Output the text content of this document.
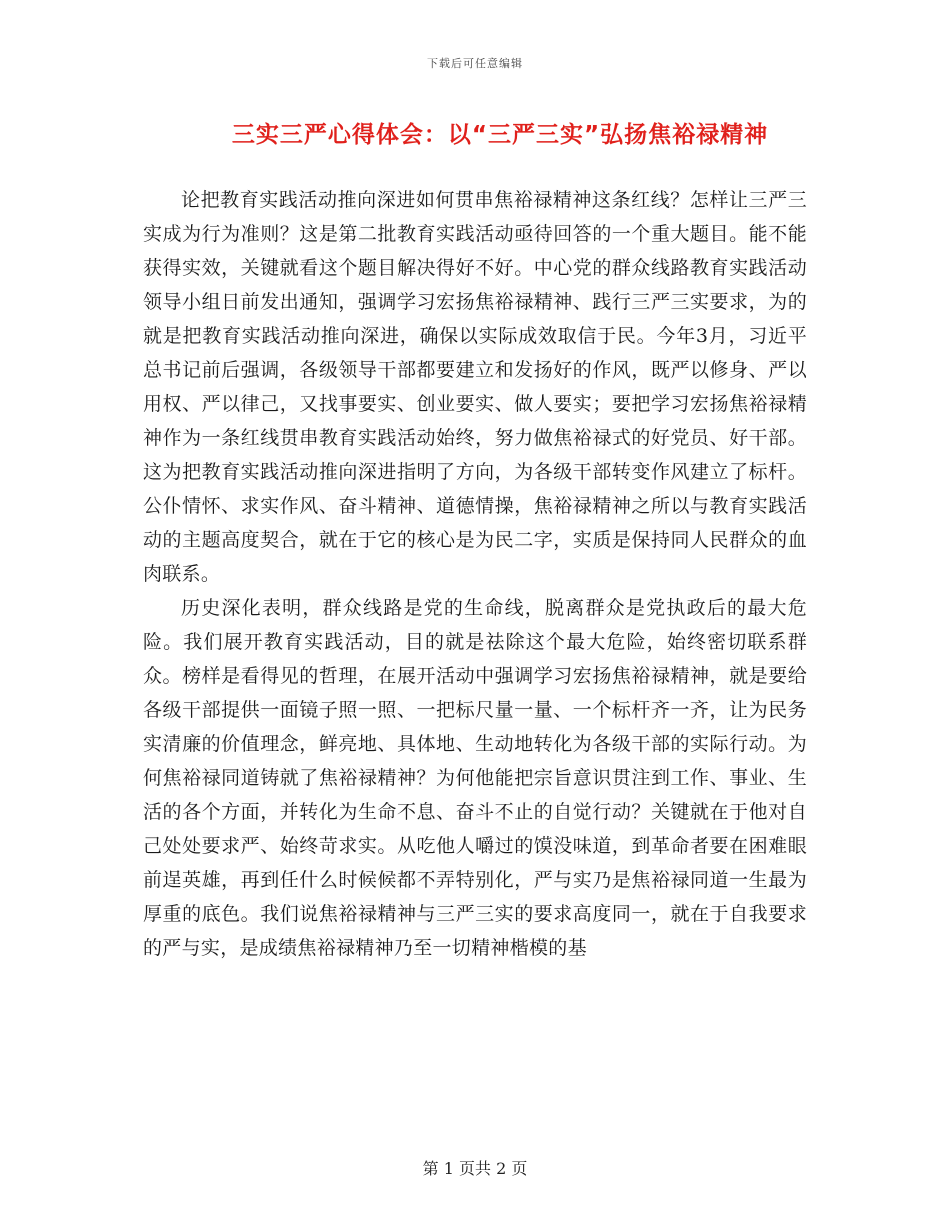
下载后可任意编辑
三实三严心得体会：以“三严三实”弘扬焦裕禄精神

论把教育实践活动推向深进如何贯串焦裕禄精神这条红线？怎样让三严三实成为行为准则？这是第二批教育实践活动亟待回答的一个重大题目。能不能获得实效，关键就看这个题目解决得好不好。中心党的群众线路教育实践活动领导小组日前发出通知，强调学习宏扬焦裕禄精神、践行三严三实要求，为的就是把教育实践活动推向深进，确保以实际成效取信于民。今年3月，习近平总书记前后强调，各级领导干部都要建立和发扬好的作风，既严以修身、严以用权、严以律己，又找事要实、创业要实、做人要实；要把学习宏扬焦裕禄精神作为一条红线贯串教育实践活动始终，努力做焦裕禄式的好党员、好干部。这为把教育实践活动推向深进指明了方向，为各级干部转变作风建立了标杆。公仆情怀、求实作风、奋斗精神、道德情操，焦裕禄精神之所以与教育实践活动的主题高度契合，就在于它的核心是为民二字，实质是保持同人民群众的血肉联系。

历史深化表明，群众线路是党的生命线，脱离群众是党执政后的最大危险。我们展开教育实践活动，目的就是祛除这个最大危险，始终密切联系群众。榜样是看得见的哲理，在展开活动中强调学习宏扬焦裕禄精神，就是要给各级干部提供一面镜子照一照、一把标尺量一量、一个标杆齐一齐，让为民务实清廉的价值理念，鲜亮地、具体地、生动地转化为各级干部的实际行动。为何焦裕禄同道铸就了焦裕禄精神？为何他能把宗旨意识贯注到工作、事业、生活的各个方面，并转化为生命不息、奋斗不止的自觉行动？关键就在于他对自己处处要求严、始终苛求实。从吃他人嚼过的馍没味道，到革命者要在困难眼前逞英雄，再到任什么时候候都不弄特别化，严与实乃是焦裕禄同道一生最为厚重的底色。我们说焦裕禄精神与三严三实的要求高度同一，就在于自我要求的严与实，是成绩焦裕禄精神乃至一切精神楷模的基

第 1 页共 2 页
